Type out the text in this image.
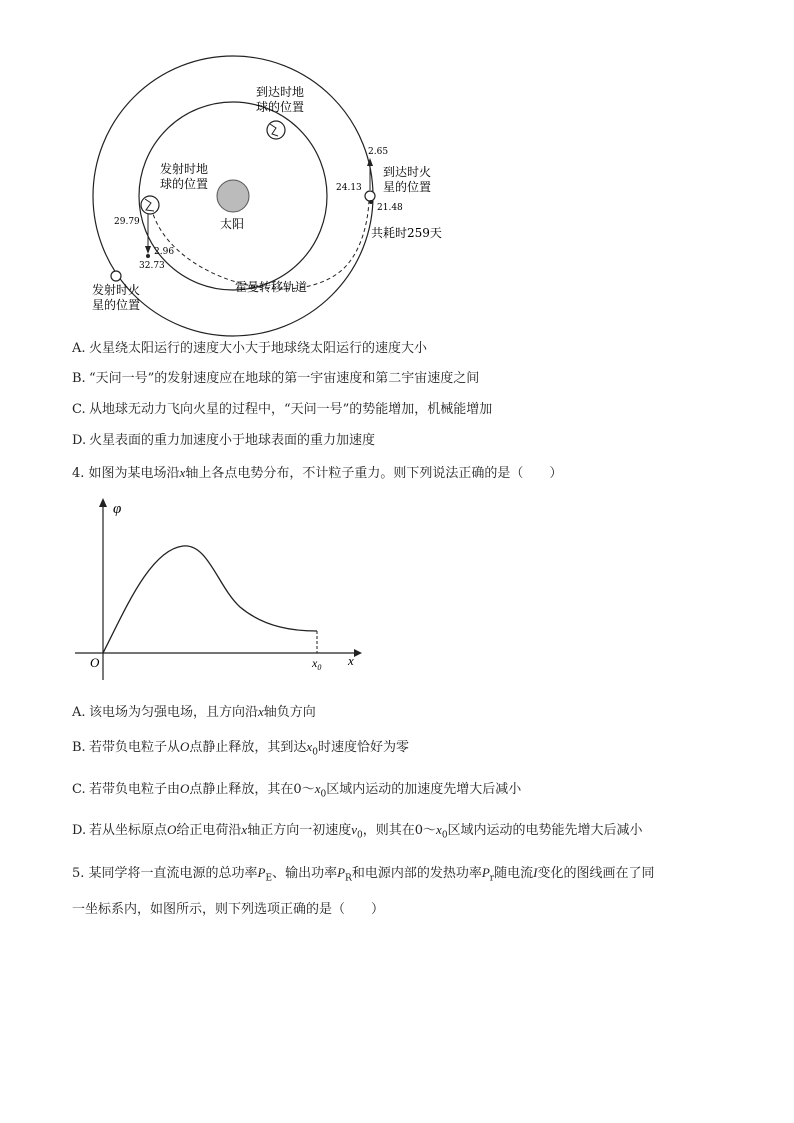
太阳
到达时地
球的位置
发射时地
球的位置
29.79
2.96
32.73
发射时火
星的位置
2.65
24.13
21.48
到达时火
星的位置
共耗时259天
霍曼转移轨道
A. 火星绕太阳运行的速度大小大于地球绕太阳运行的速度大小
B. “天问一号”的发射速度应在地球的第一宇宙速度和第二宇宙速度之间
C. 从地球无动力飞向火星的过程中，“天问一号”的势能增加，机械能增加
D. 火星表面的重力加速度小于地球表面的重力加速度
4. 如图为某电场沿x轴上各点电势分布，不计粒子重力。则下列说法正确的是（　　）
φ
O	$x_0$ x
A. 该电场为匀强电场，且方向沿x轴负方向
B. 若带负电粒子从O点静止释放，其到达$x_0$时速度恰好为零
C. 若带负电粒子由O点静止释放，其在$0\sim x_0$区域内运动的加速度先增大后减小
D. 若从坐标原点O给正电荷沿x轴正方向一初速度$v_0$，则其在$0\sim x_0$区域内运动的电势能先增大后减小
5. 某同学将一直流电源的总功率$P_E$、输出功率$P_R$和电源内部的发热功率$P_r$随电流I变化的图线画在了同
一坐标系内，如图所示，则下列选项正确的是（　　）
